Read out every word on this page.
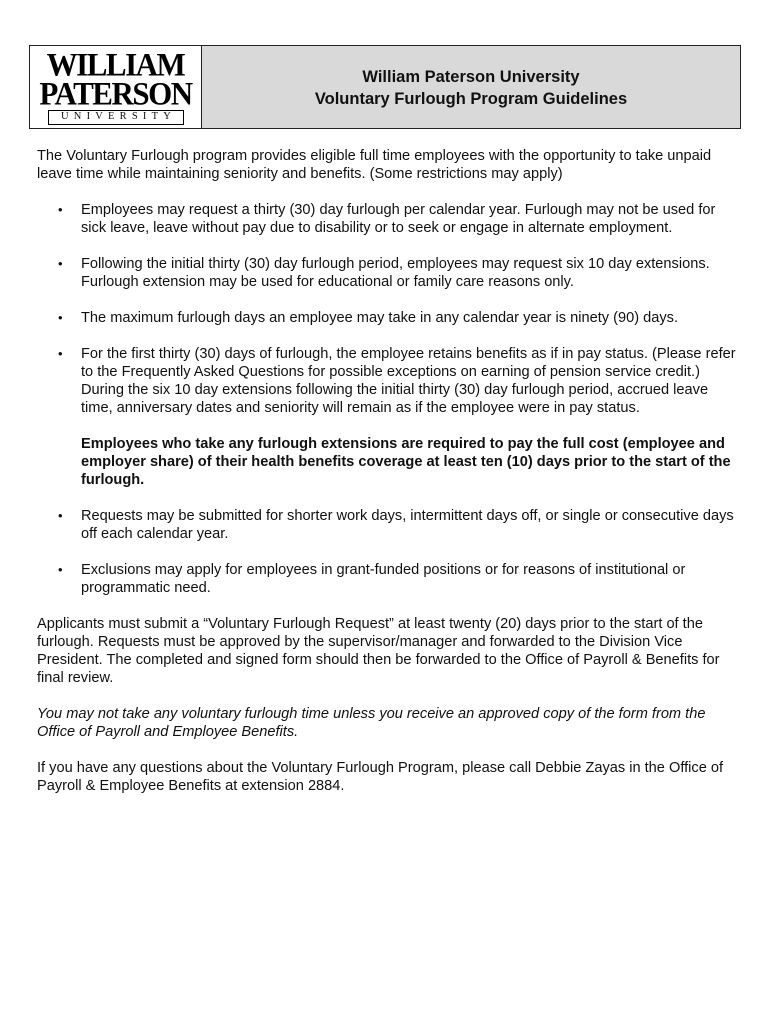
WILLIAM
PATERSON
UNIVERSITY
William Paterson University
Voluntary Furlough Program Guidelines

The Voluntary Furlough program provides eligible full time employees with the opportunity to take unpaid leave time while maintaining seniority and benefits. (Some restrictions may apply)

• Employees may request a thirty (30) day furlough per calendar year. Furlough may not be used for sick leave, leave without pay due to disability or to seek or engage in alternate employment.
• Following the initial thirty (30) day furlough period, employees may request six 10 day extensions. Furlough extension may be used for educational or family care reasons only.
• The maximum furlough days an employee may take in any calendar year is ninety (90) days.
• For the first thirty (30) days of furlough, the employee retains benefits as if in pay status. (Please refer to the Frequently Asked Questions for possible exceptions on earning of pension service credit.) During the six 10 day extensions following the initial thirty (30) day furlough period, accrued leave time, anniversary dates and seniority will remain as if the employee were in pay status.

Employees who take any furlough extensions are required to pay the full cost (employee and employer share) of their health benefits coverage at least ten (10) days prior to the start of the furlough.

• Requests may be submitted for shorter work days, intermittent days off, or single or consecutive days off each calendar year.
• Exclusions may apply for employees in grant-funded positions or for reasons of institutional or programmatic need.

Applicants must submit a “Voluntary Furlough Request” at least twenty (20) days prior to the start of the furlough. Requests must be approved by the supervisor/manager and forwarded to the Division Vice President. The completed and signed form should then be forwarded to the Office of Payroll & Benefits for final review.

You may not take any voluntary furlough time unless you receive an approved copy of the form from the Office of Payroll and Employee Benefits.

If you have any questions about the Voluntary Furlough Program, please call Debbie Zayas in the Office of Payroll & Employee Benefits at extension 2884.
